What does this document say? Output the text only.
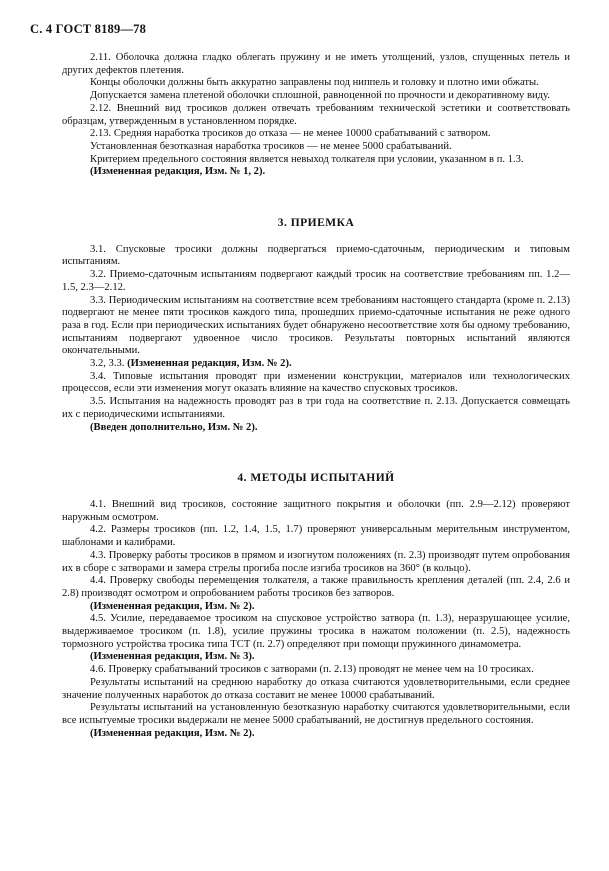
С. 4 ГОСТ 8189—78

2.11. Оболочка должна гладко облегать пружину и не иметь утолщений, узлов, спущенных петель и других дефектов плетения.

Концы оболочки должны быть аккуратно заправлены под ниппель и головку и плотно ими обжаты.

Допускается замена плетеной оболочки сплошной, равноценной по прочности и декоративному виду.

2.12. Внешний вид тросиков должен отвечать требованиям технической эстетики и соответствовать образцам, утвержденным в установленном порядке.

2.13. Средняя наработка тросиков до отказа — не менее 10000 срабатываний с затвором.

Установленная безотказная наработка тросиков — не менее 5000 срабатываний.

Критерием предельного состояния является невыход толкателя при условии, указанном в п. 1.3.

(Измененная редакция, Изм. № 1, 2).

3. ПРИЕМКА

3.1. Спусковые тросики должны подвергаться приемо-сдаточным, периодическим и типовым испытаниям.

3.2. Приемо-сдаточным испытаниям подвергают каждый тросик на соответствие требованиям пп. 1.2—1.5, 2.3—2.12.

3.3. Периодическим испытаниям на соответствие всем требованиям настоящего стандарта (кроме п. 2.13) подвергают не менее пяти тросиков каждого типа, прошедших приемо-сдаточные испытания не реже одного раза в год. Если при периодических испытаниях будет обнаружено несоответствие хотя бы одному требованию, испытаниям подвергают удвоенное число тросиков. Результаты повторных испытаний являются окончательными.

3.2, 3.3. (Измененная редакция, Изм. № 2).

3.4. Типовые испытания проводят при изменении конструкции, материалов или технологических процессов, если эти изменения могут оказать влияние на качество спусковых тросиков.

3.5. Испытания на надежность проводят раз в три года на соответствие п. 2.13. Допускается совмещать их с периодическими испытаниями.

(Введен дополнительно, Изм. № 2).

4. МЕТОДЫ ИСПЫТАНИЙ

4.1. Внешний вид тросиков, состояние защитного покрытия и оболочки (пп. 2.9—2.12) проверяют наружным осмотром.

4.2. Размеры тросиков (пп. 1.2, 1.4, 1.5, 1.7) проверяют универсальным мерительным инструментом, шаблонами и калибрами.

4.3. Проверку работы тросиков в прямом и изогнутом положениях (п. 2.3) производят путем опробования их в сборе с затворами и замера стрелы прогиба после изгиба тросиков на 360° (в кольцо).

4.4. Проверку свободы перемещения толкателя, а также правильность крепления деталей (пп. 2.4, 2.6 и 2.8) производят осмотром и опробованием работы тросиков без затворов.

(Измененная редакция, Изм. № 2).

4.5. Усилие, передаваемое тросиком на спусковое устройство затвора (п. 1.3), неразрушающее усилие, выдерживаемое тросиком (п. 1.8), усилие пружины тросика в нажатом положении (п. 2.5), надежность тормозного устройства тросика типа ТСТ (п. 2.7) определяют при помощи пружинного динамометра.

(Измененная редакция, Изм. № 3).

4.6. Проверку срабатываний тросиков с затворами (п. 2.13) проводят не менее чем на 10 тросиках.

Результаты испытаний на среднюю наработку до отказа считаются удовлетворительными, если среднее значение полученных наработок до отказа составит не менее 10000 срабатываний.

Результаты испытаний на установленную безотказную наработку считаются удовлетворительными, если все испытуемые тросики выдержали не менее 5000 срабатываний, не достигнув предельного состояния.

(Измененная редакция, Изм. № 2).
